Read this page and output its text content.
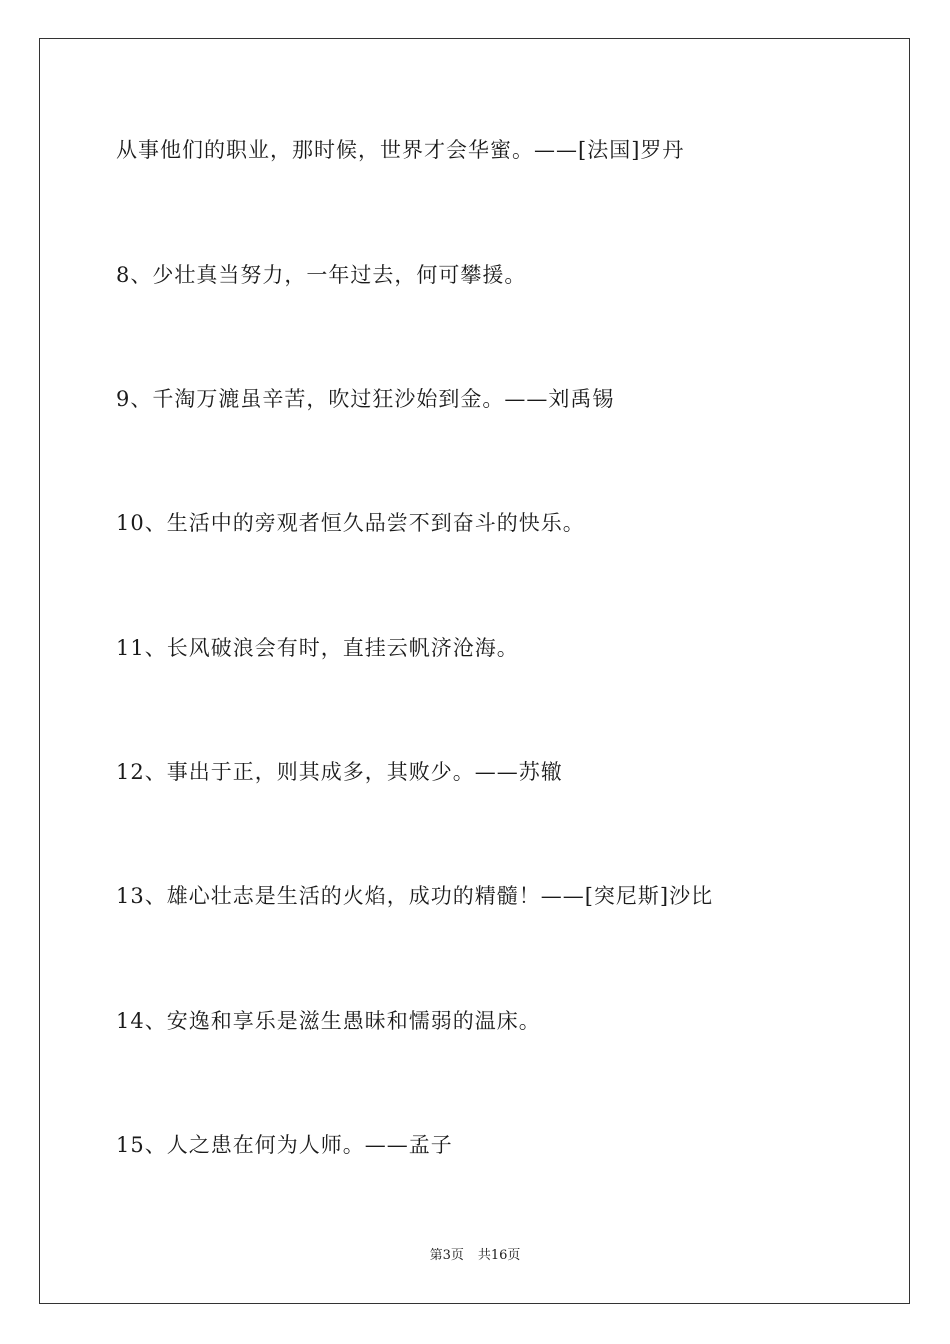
从事他们的职业，那时候，世界才会华蜜。——[法国]罗丹
8、少壮真当努力，一年过去，何可攀援。
9、千淘万漉虽辛苦，吹过狂沙始到金。——刘禹锡
10、生活中的旁观者恒久品尝不到奋斗的快乐。
11、长风破浪会有时，直挂云帆济沧海。
12、事出于正，则其成多，其败少。——苏辙
13、雄心壮志是生活的火焰，成功的精髓！——[突尼斯]沙比
14、安逸和享乐是滋生愚昧和懦弱的温床。
15、人之患在何为人师。——孟子
第3页 共16页
